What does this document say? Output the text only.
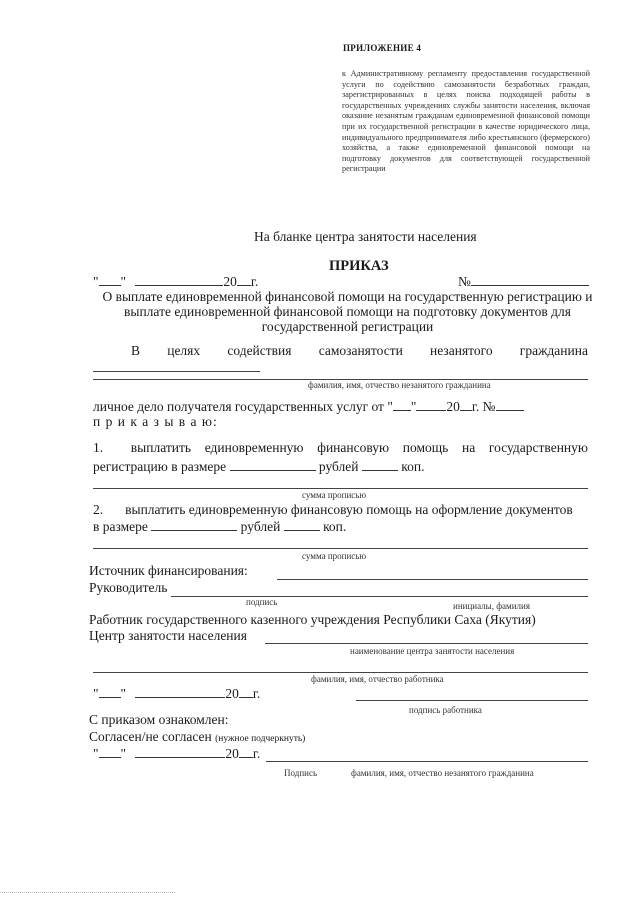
ПРИЛОЖЕНИЕ 4
к Административному регламенту предоставления государственной услуги по содействию самозанятости безработных граждан, зарегистрированных в целях поиска подходящей работы в государственных учреждениях службы занятости населения, включая оказание незанятым гражданам единовременной финансовой помощи при их государственной регистрации в качестве юридического лица, индивидуального предпринимателя либо крестьянского (фермерского) хозяйства, а также единовременной финансовой помощи на подготовку документов для соответствующей государственной регистрации
На бланке центра занятости населения
ПРИКАЗ
" "	20 г.	№
О выплате единовременной финансовой помощи на государственную регистрацию и выплате единовременной финансовой помощи на подготовку документов для государственной регистрации
В целях содействия самозанятости незанятого гражданина
фамилия, имя, отчество незанятого гражданина
личное дело получателя государственных услуг от " " 20 г. №
п р и к а з ы в а ю:
1. выплатить единовременную финансовую помощь на государственную
регистрацию в размере	рублей	коп.
сумма прописью
2. выплатить единовременную финансовую помощь на оформление документов
в размере	рублей	коп.
сумма прописью
Источник финансирования:
Руководитель
подпись	инициалы, фамилия
Работник государственного казенного учреждения Республики Саха (Якутия)
Центр занятости населения
наименование центра занятости населения
фамилия, имя, отчество работника
" "	20 г.
подпись работника
С приказом ознакомлен:
Согласен/не согласен (нужное подчеркнуть)
" "	20 г.
Подпись	фамилия, имя, отчество незанятого гражданина
